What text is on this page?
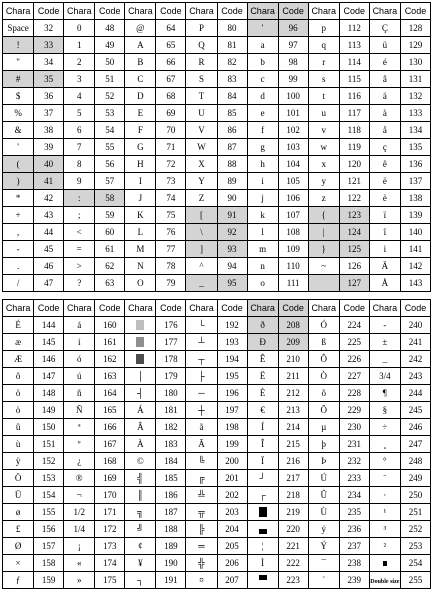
Chara	Code	Chara	Code	Chara	Code	Chara	Code	Chara	Code	Chara	Code	Chara	Code
Space	32	0	48	@	64	P	80	'	96	p	112	Ç	128
!	33	1	49	A	65	Q	81	a	97	q	113	ü	129
"	34	2	50	B	66	R	82	b	98	r	114	é	130
#	35	3	51	C	67	S	83	c	99	s	115	â	131
$	36	4	52	D	68	T	84	d	100	t	116	ä	132
%	37	5	53	E	69	U	85	e	101	u	117	à	133
&	38	6	54	F	70	V	86	f	102	v	118	å	134
'	39	7	55	G	71	W	87	g	103	w	119	ç	135
(	40	8	56	H	72	X	88	h	104	x	120	ê	136
)	41	9	57	I	73	Y	89	i	105	y	121	ë	137
*	42	:	58	J	74	Z	90	j	106	z	122	è	138
+	43	;	59	K	75	[	91	k	107	{	123	ï	139
,	44	<	60	L	76	\	92	l	108	|	124	î	140
-	45	=	61	M	77	]	93	m	109	}	125	ì	141
.	46	>	62	N	78	^	94	n	110	~	126	Ä	142
/	47	?	63	O	79	_	95	o	111		127	Å	143
Chara	Code	Chara	Code	Chara	Code	Chara	Code	Chara	Code	Chara	Code	Chara	Code
É	144	á	160		176	└	192	ð	208	Ó	224	-	240
æ	145	í	161		177	┴	193	Ð	209	ß	225	±	241
Æ	146	ó	162		178	┬	194	Ê	210	Ô	226	_	242
ô	147	ú	163	│	179	├	195	Ë	211	Ò	227	3/4	243
ö	148	ñ	164	┤	180	─	196	È	212	õ	228	¶	244
ò	149	Ñ	165	Á	181	┼	197	€	213	Õ	229	§	245
û	150	ª	166	Â	182	ã	198	Í	214	µ	230	÷	246
ù	151	º	167	À	183	Ã	199	Î	215	þ	231	¸	247
ÿ	152	¿	168	©	184	╚	200	Ï	216	Þ	232	°	248
Ö	153	®	169	╣	185	╔	201	┘	217	Ú	233	¨	249
Ü	154	¬	170	║	186	╩	202	┌	218	Û	234	·	250
ø	155	1/2	171	╗	187	╦	203		219	Ù	235	¹	251
£	156	1/4	172	╝	188	╠	204		220	ý	236	³	252
Ø	157	¡	173	¢	189	═	205	¦	221	Ý	237	²	253
×	158	«	174	¥	190	╬	206	Ì	222	¯	238		254
ƒ	159	»	175	┐	191	¤	207		223	´	239	Double size	255
